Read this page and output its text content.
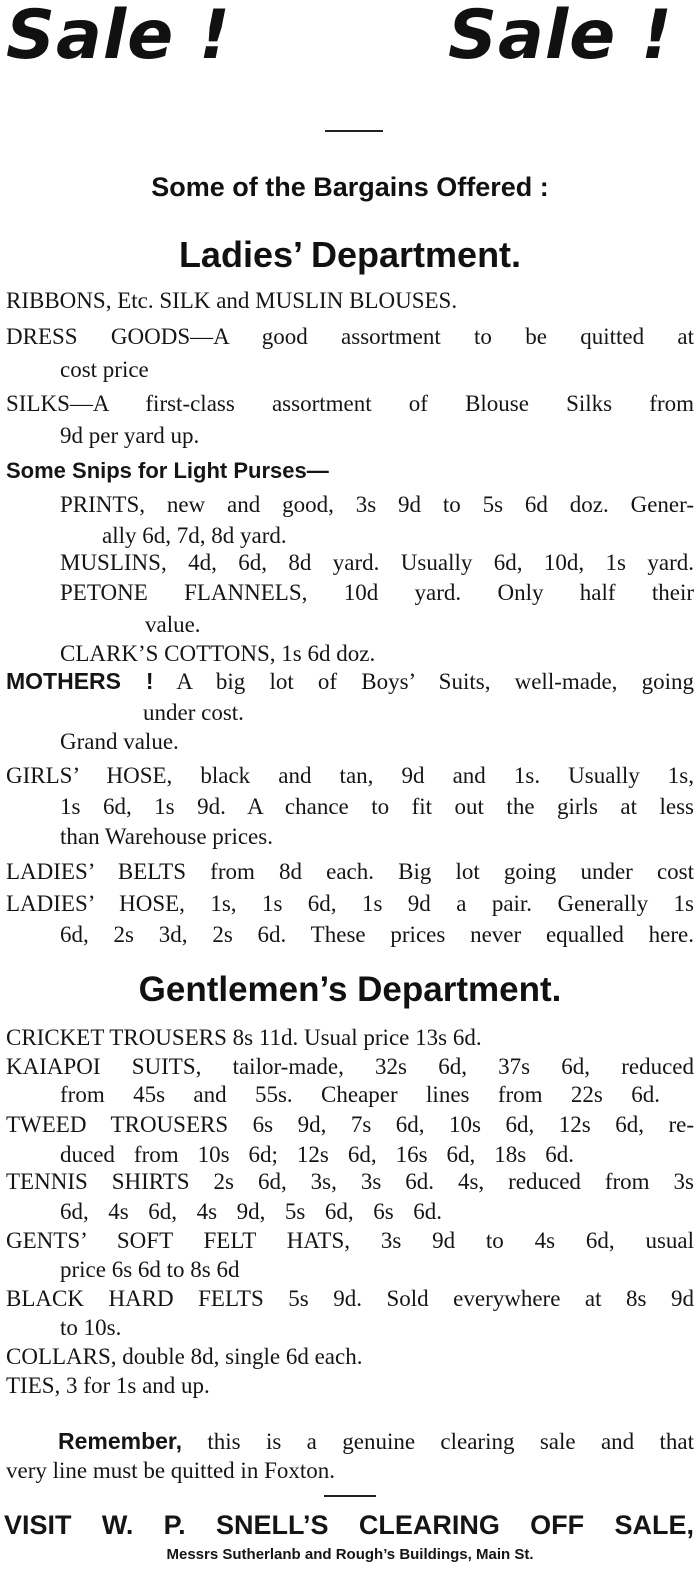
Sale !	Sale !
Some of the Bargains Offered :
Ladies’ Department.
RIBBONS, Etc. SILK and MUSLIN BLOUSES.
DRESS GOODS—A good assortment to be quitted at
cost price
SILKS—A first-class assortment of Blouse Silks from
9d per yard up.
Some Snips for Light Purses—
PRINTS, new and good, 3s 9d to 5s 6d doz. Gener-
ally 6d, 7d, 8d yard.
MUSLINS, 4d, 6d, 8d yard. Usually 6d, 10d, 1s yard.
PETONE FLANNELS, 10d yard. Only half their
value.
CLARK’S COTTONS, 1s 6d doz.
MOTHERS ! A big lot of Boys’ Suits, well-made, going
under cost.
Grand value.
GIRLS’ HOSE, black and tan, 9d and 1s. Usually 1s,
1s 6d, 1s 9d. A chance to fit out the girls at less
than Warehouse prices.
LADIES’ BELTS from 8d each. Big lot going under cost
LADIES’ HOSE, 1s, 1s 6d, 1s 9d a pair. Generally 1s
6d, 2s 3d, 2s 6d. These prices never equalled here.
Gentlemen’s Department.
CRICKET TROUSERS 8s 11d. Usual price 13s 6d.
KAIAPOI SUITS, tailor-made, 32s 6d, 37s 6d, reduced
from 45s and 55s. Cheaper lines from 22s 6d.
TWEED TROUSERS 6s 9d, 7s 6d, 10s 6d, 12s 6d, re-
duced from 10s 6d; 12s 6d, 16s 6d, 18s 6d.
TENNIS SHIRTS 2s 6d, 3s, 3s 6d. 4s, reduced from 3s
6d, 4s 6d, 4s 9d, 5s 6d, 6s 6d.
GENTS’ SOFT FELT HATS, 3s 9d to 4s 6d, usual
price 6s 6d to 8s 6d
BLACK HARD FELTS 5s 9d. Sold everywhere at 8s 9d
to 10s.
COLLARS, double 8d, single 6d each.
TIES, 3 for 1s and up.
Remember, this is a genuine clearing sale and that
very line must be quitted in Foxton.
VISIT W. P. SNELL’S CLEARING OFF SALE,
Messrs Sutherlanb and Rough’s Buildings, Main St.
